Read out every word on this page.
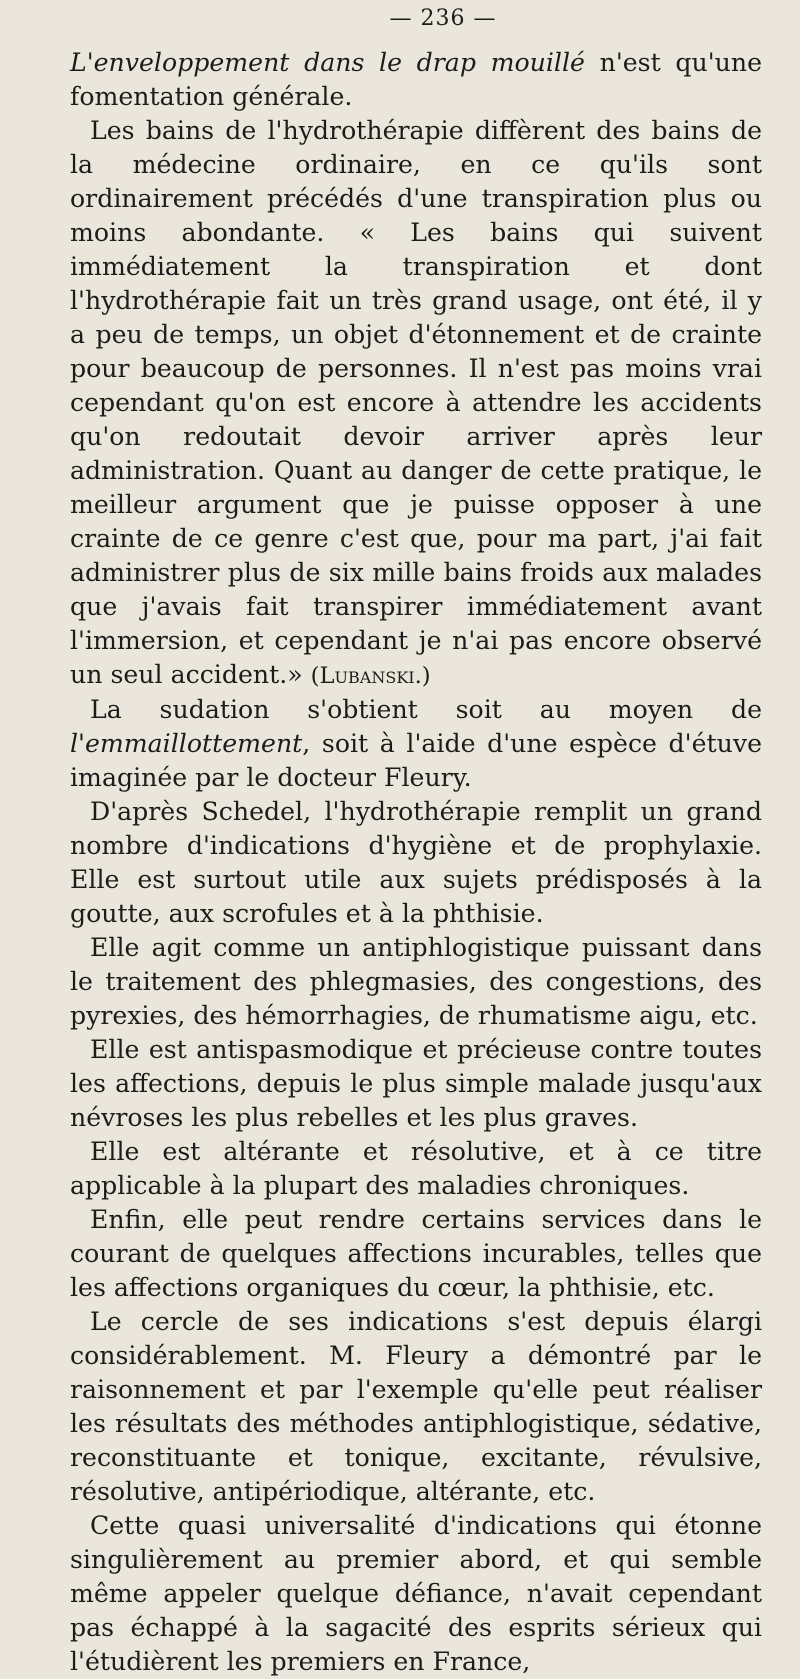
— 236 —

L'enveloppement dans le drap mouillé n'est qu'une fomentation générale.

Les bains de l'hydrothérapie diffèrent des bains de la médecine ordinaire, en ce qu'ils sont ordinairement précédés d'une transpiration plus ou moins abondante. « Les bains qui suivent immédiatement la transpiration et dont l'hydrothérapie fait un très grand usage, ont été, il y a peu de temps, un objet d'étonnement et de crainte pour beaucoup de personnes. Il n'est pas moins vrai cependant qu'on est encore à attendre les accidents qu'on redoutait devoir arriver après leur administration. Quant au danger de cette pratique, le meilleur argument que je puisse opposer à une crainte de ce genre c'est que, pour ma part, j'ai fait administrer plus de six mille bains froids aux malades que j'avais fait transpirer immédiatement avant l'immersion, et cependant je n'ai pas encore observé un seul accident.» (Lubanski.)

La sudation s'obtient soit au moyen de l'emmaillottement, soit à l'aide d'une espèce d'étuve imaginée par le docteur Fleury.

D'après Schedel, l'hydrothérapie remplit un grand nombre d'indications d'hygiène et de prophylaxie. Elle est surtout utile aux sujets prédisposés à la goutte, aux scrofules et à la phthisie.

Elle agit comme un antiphlogistique puissant dans le traitement des phlegmasies, des congestions, des pyrexies, des hémorrhagies, de rhumatisme aigu, etc.

Elle est antispasmodique et précieuse contre toutes les affections, depuis le plus simple malade jusqu'aux névroses les plus rebelles et les plus graves.

Elle est altérante et résolutive, et à ce titre applicable à la plupart des maladies chroniques.

Enfin, elle peut rendre certains services dans le courant de quelques affections incurables, telles que les affections organiques du cœur, la phthisie, etc.

Le cercle de ses indications s'est depuis élargi considérablement. M. Fleury a démontré par le raisonnement et par l'exemple qu'elle peut réaliser les résultats des méthodes antiphlogistique, sédative, reconstituante et tonique, excitante, révulsive, résolutive, antipériodique, altérante, etc.

Cette quasi universalité d'indications qui étonne singulièrement au premier abord, et qui semble même appeler quelque défiance, n'avait cependant pas échappé à la sagacité des esprits sérieux qui l'étudièrent les premiers en France,
